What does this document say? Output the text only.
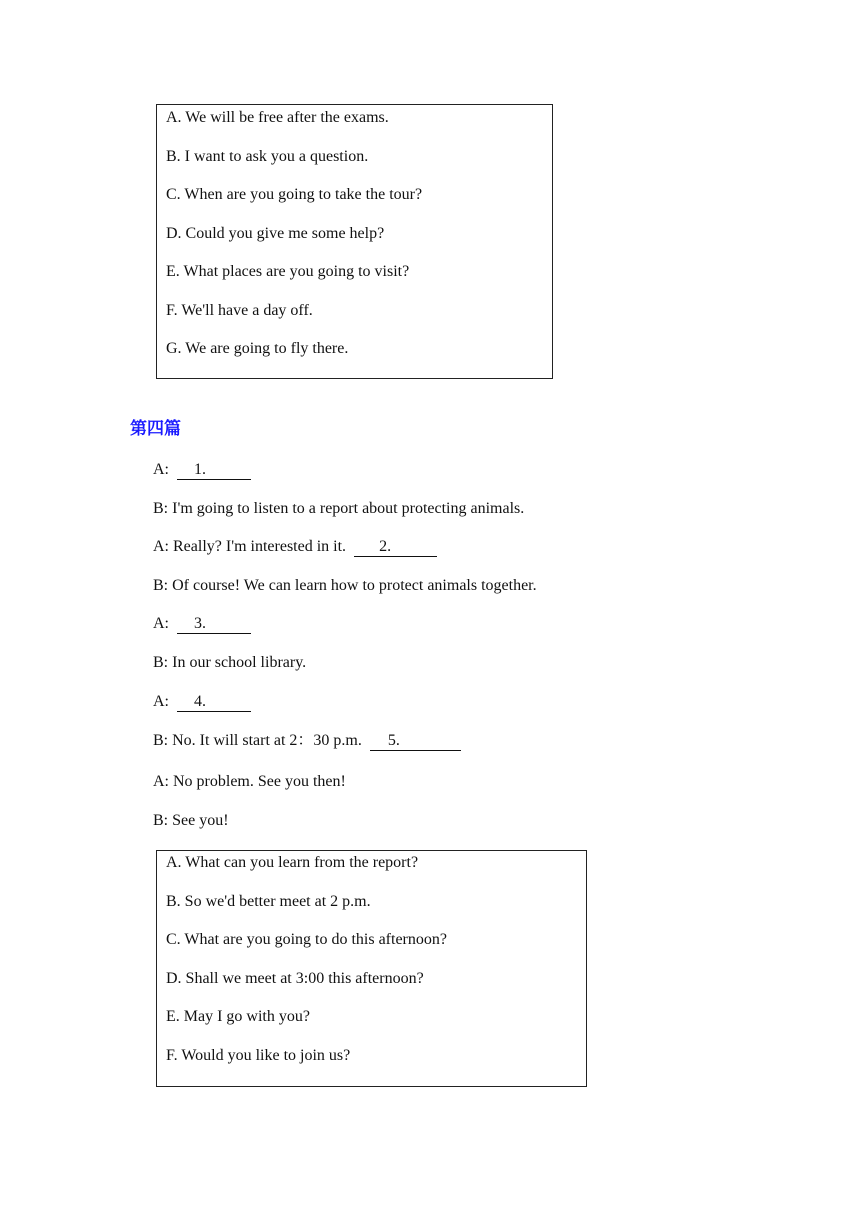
A. We will be free after the exams.
B. I want to ask you a question.
C. When are you going to take the tour?
D. Could you give me some help?
E. What places are you going to visit?
F. We'll have a day off.
G. We are going to fly there.
第四篇
A: 1.
B: I'm going to listen to a report about protecting animals.
A: Really? I'm interested in it. 2.
B: Of course! We can learn how to protect animals together.
A: 3.
B: In our school library.
A: 4.
B: No. It will start at 2：30 p.m. 5.
A: No problem. See you then!
B: See you!
A. What can you learn from the report?
B. So we'd better meet at 2 p.m.
C. What are you going to do this afternoon?
D. Shall we meet at 3:00 this afternoon?
E. May I go with you?
F. Would you like to join us?
